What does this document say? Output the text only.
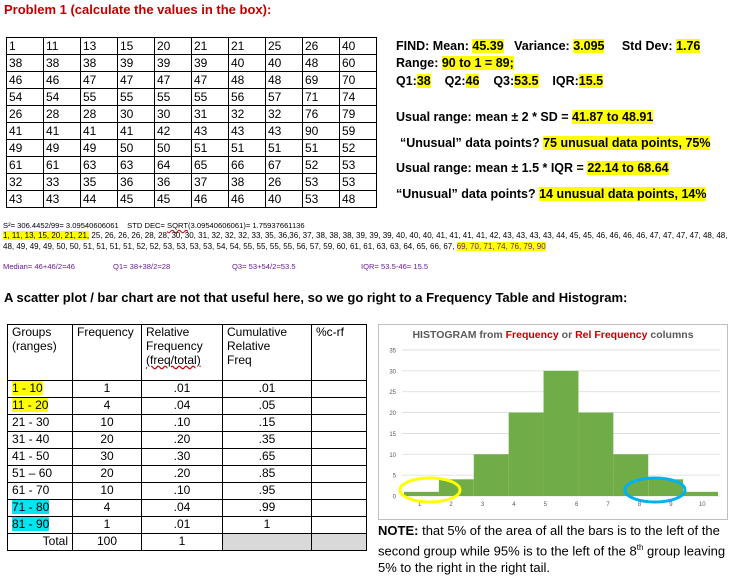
Problem 1 (calculate the values in the box):
1	11	13	15	20	21	21	25	26	40
38	38	38	39	39	39	40	40	48	60
46	46	47	47	47	47	48	48	69	70
54	54	55	55	55	55	56	57	71	74
26	28	28	30	30	31	32	32	76	79
41	41	41	41	42	43	43	43	90	59
49	49	49	50	50	51	51	51	51	52
61	61	63	63	64	65	66	67	52	53
32	33	35	36	36	37	38	26	53	53
43	43	44	45	45	46	46	40	53	48
FIND: Mean: 45.39 Variance: 3.095 Std Dev: 1.76
Range: 90 to 1 = 89;
Q1:38 Q2:46 Q3:53.5 IQR:15.5
Usual range: mean ± 2 * SD = 41.87 to 48.91
“Unusual” data points? 75 unusual data points, 75%
Usual range: mean ± 1.5 * IQR = 22.14 to 68.64
“Unusual” data points? 14 unusual data points, 14%
S²= 306.4452/99= 3.09540606061 STD DEC= SQRT(3.09540606061)= 1.75937661136
1, 11, 13, 15, 20, 21, 21, 25, 26, 26, 26, 28, 28, 30, 30, 31, 32, 32, 32, 33, 35, 36,36, 37, 38, 38, 38, 39, 39, 39, 40, 40, 40, 41, 41, 41, 41, 42, 43, 43, 43, 43, 44, 45, 45, 46, 46, 46, 46, 47, 47, 47, 47, 48, 48, 48, 49, 49, 49, 50, 50, 51, 51, 51, 51, 52, 52, 53, 53, 53, 53, 54, 54, 55, 55, 55, 55, 56, 57, 59, 60, 61, 61, 63, 63, 64, 65, 66, 67, 69, 70, 71, 74, 76, 79, 90
Median= 46+46/2=46	Q1= 38+38/2=28	Q3= 53+54/2=53.5	IQR= 53.5-46= 15.5
A scatter plot / bar chart are not that useful here, so we go right to a Frequency Table and Histogram:
Groups
(ranges)	Frequency	Relative
Frequency
(freq/total)	Cumulative
Relative
Freq	%c-rf
1 - 10	1	.01	.01	
11 - 20	4	.04	.05	
21 - 30	10	.10	.15	
31 - 40	20	.20	.35	
41 - 50	30	.30	.65	
51 – 60	20	.20	.85	
61 - 70	10	.10	.95	
71 - 80	4	.04	.99	
81 - 90	1	.01	1	
Total	100	1		
HISTOGRAM from Frequency or Rel Frequency columns
0
5
10
15
20
25
30
35
1	2	3	4	5	6	7	8	9	10
NOTE: that 5% of the area of all the bars is to the left of the second group while 95% is to the left of the 8th group leaving 5% to the right in the right tail.
